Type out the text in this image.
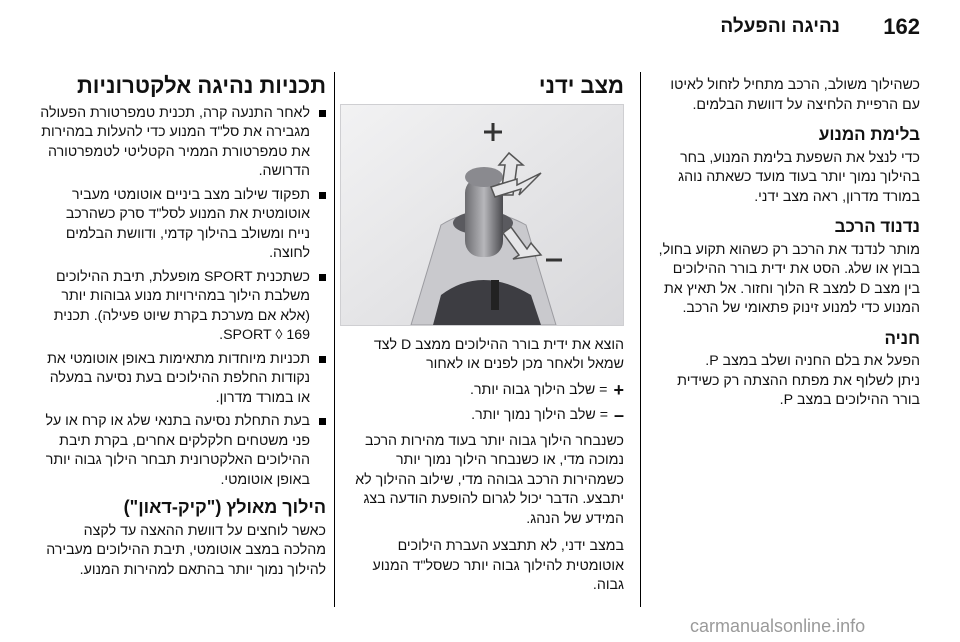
162
נהיגה והפעלה

כשהילוך משולב, הרכב מתחיל לזחול לאיטו עם הרפיית הלחיצה על דוושת הבלמים.

בלימת המנוע

כדי לנצל את השפעת בלימת המנוע, בחר בהילוך נמוך יותר בעוד מועד כשאתה נוהג במורד מדרון, ראה מצב ידני.

נדנוד הרכב

מותר לנדנד את הרכב רק כשהוא תקוע בחול, בבוץ או שלג. הסט את ידית בורר ההילוכים בין מצב D למצב R הלוך וחזור. אל תאיץ את המנוע כדי למנוע זינוק פתאומי של הרכב.

חניה

הפעל את בלם החניה ושלב במצב P.

ניתן לשלוף את מפתח ההצתה רק כשידית בורר ההילוכים במצב P.

מצב ידני

הוצא את ידית בורר ההילוכים ממצב D לצד שמאל ולאחר מכן לפנים או לאחור

+
= שלב הילוך גבוה יותר.
–
= שלב הילוך נמוך יותר.

כשנבחר הילוך גבוה יותר בעוד מהירות הרכב נמוכה מדי, או כשנבחר הילוך נמוך יותר כשמהירות הרכב גבוהה מדי, שילוב ההילוך לא יתבצע. הדבר יכול לגרום להופעת הודעה בצג המידע של הנהג.

במצב ידני, לא תתבצע העברת הילוכים אוטומטית להילוך גבוה יותר כשסל"ד המנוע גבוה.

תכניות נהיגה אלקטרוניות
לאחר התנעה קרה, תכנית טמפרטורת הפעולה מגבירה את סל"ד המנוע כדי להעלות במהירות את טמפרטורת הממיר הקטליטי לטמפרטורה הדרושה.
תפקוד שילוב מצב ביניים אוטומטי מעביר אוטומטית את המנוע לסל"ד סרק כשהרכב נייח ומשולב בהילוך קדמי, ודוושת הבלמים לחוצה.
כשתכנית SPORT מופעלת, תיבת ההילוכים משלבת הילוך במהירויות מנוע גבוהות יותר (אלא אם מערכת בקרת שיוט פעילה). תכנית SPORT ◊ 169.
תכניות מיוחדות מתאימות באופן אוטומטי את נקודות החלפת ההילוכים בעת נסיעה במעלה או במורד מדרון.
בעת התחלת נסיעה בתנאי שלג או קרח או על פני משטחים חלקלקים אחרים, בקרת תיבת ההילוכים האלקטרונית תבחר הילוך גבוה יותר באופן אוטומטי.
הילוך מאולץ ("קיק-דאון")

כאשר לוחצים על דוושת ההאצה עד לקצה מהלכה במצב אוטומטי, תיבת ההילוכים מעבירה להילוך נמוך יותר בהתאם למהירות המנוע.

carmanualsonline.info
